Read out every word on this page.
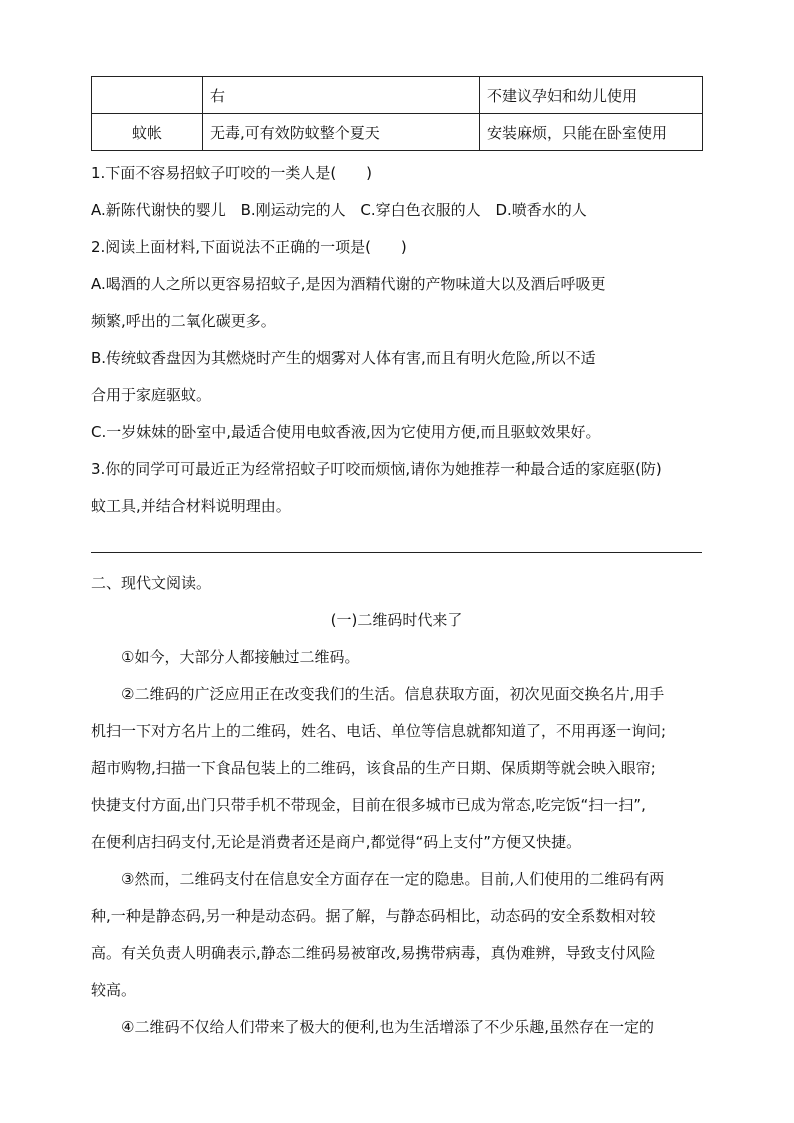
	右	不建议孕妇和幼儿使用
蚊帐	无毒,可有效防蚊整个夏天	安装麻烦，只能在卧室使用
1.下面不容易招蚊子叮咬的一类人是(　　)
A.新陈代谢快的婴儿 B.刚运动完的人 C.穿白色衣服的人 D.喷香水的人
2.阅读上面材料,下面说法不正确的一项是(　　)
A.喝酒的人之所以更容易招蚊子,是因为酒精代谢的产物味道大以及酒后呼吸更
频繁,呼出的二氧化碳更多。
B.传统蚊香盘因为其燃烧时产生的烟雾对人体有害,而且有明火危险,所以不适
合用于家庭驱蚊。
C.一岁妹妹的卧室中,最适合使用电蚊香液,因为它使用方便,而且驱蚊效果好。
3.你的同学可可最近正为经常招蚊子叮咬而烦恼,请你为她推荐一种最合适的家庭驱(防)
蚊工具,并结合材料说明理由。
二、现代文阅读。
(一)二维码时代来了
①如今，大部分人都接触过二维码。
②二维码的广泛应用正在改变我们的生活。信息获取方面，初次见面交换名片,用手
机扫一下对方名片上的二维码，姓名、电话、单位等信息就都知道了，不用再逐一询问;
超市购物,扫描一下食品包装上的二维码，该食品的生产日期、保质期等就会映入眼帘;
快捷支付方面,出门只带手机不带现金，目前在很多城市已成为常态,吃完饭“扫一扫”,
在便利店扫码支付,无论是消费者还是商户,都觉得“码上支付”方便又快捷。
③然而，二维码支付在信息安全方面存在一定的隐患。目前,人们使用的二维码有两
种,一种是静态码,另一种是动态码。据了解，与静态码相比，动态码的安全系数相对较
高。有关负责人明确表示,静态二维码易被窜改,易携带病毒，真伪难辨，导致支付风险
较高。
④二维码不仅给人们带来了极大的便利,也为生活增添了不少乐趣,虽然存在一定的
